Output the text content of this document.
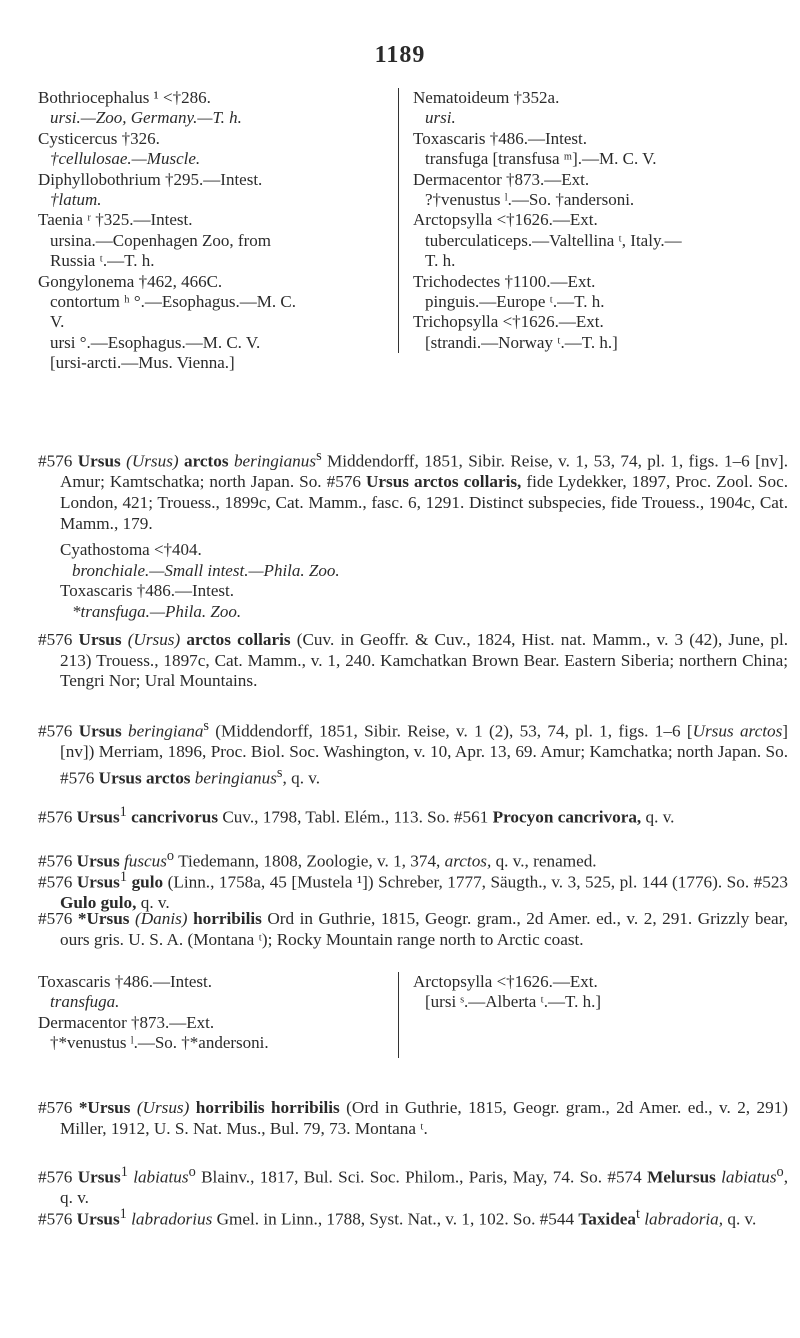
1189
Bothriocephalus ¹ <†286.
ursi.—Zoo, Germany.—T. h.
Cysticercus †326.
†cellulosae.—Muscle.
Diphyllobothrium †295.—Intest.
†latum.
Taenia ʳ †325.—Intest.
ursina.—Copenhagen Zoo, from
Russia ᵗ.—T. h.
Gongylonema †462, 466C.
contortum ʰ °.—Esophagus.—M. C.
V.
ursi °.—Esophagus.—M. C. V.
[ursi-arcti.—Mus. Vienna.]
Nematoideum †352a.
ursi.
Toxascaris †486.—Intest.
transfuga [transfusa ᵐ].—M. C. V.
Dermacentor †873.—Ext.
?†venustus ˡ.—So. †andersoni.
Arctopsylla <†1626.—Ext.
tuberculaticeps.—Valtellina ᵗ, Italy.—
T. h.
Trichodectes †1100.—Ext.
pinguis.—Europe ᵗ.—T. h.
Trichopsylla <†1626.—Ext.
[strandi.—Norway ᵗ.—T. h.]
#576 Ursus (Ursus) arctos beringianus$^s$ Middendorff, 1851, Sibir. Reise, v. 1, 53, 74, pl. 1, figs. 1–6 [nv]. Amur; Kamtschatka; north Japan. So. #576 Ursus arctos collaris, fide Lydekker, 1897, Proc. Zool. Soc. London, 421; Trouess., 1899c, Cat. Mamm., fasc. 6, 1291. Distinct subspecies, fide Trouess., 1904c, Cat. Mamm., 179.
Cyathostoma <†404.
bronchiale.—Small intest.—Phila. Zoo.
Toxascaris †486.—Intest.
*transfuga.—Phila. Zoo.
#576 Ursus (Ursus) arctos collaris (Cuv. in Geoffr. & Cuv., 1824, Hist. nat. Mamm., v. 3 (42), June, pl. 213) Trouess., 1897c, Cat. Mamm., v. 1, 240. Kamchatkan Brown Bear. Eastern Siberia; northern China; Tengri Nor; Ural Mountains.
#576 Ursus beringiana$^s$ (Middendorff, 1851, Sibir. Reise, v. 1 (2), 53, 74, pl. 1, figs. 1–6 [Ursus arctos] [nv]) Merriam, 1896, Proc. Biol. Soc. Washington, v. 10, Apr. 13, 69. Amur; Kamchatka; north Japan. So. #576 Ursus arctos beringianus$^s$, q. v.
#576 Ursus$^1$ cancrivorus Cuv., 1798, Tabl. Elém., 113. So. #561 Procyon cancrivora, q. v.
#576 Ursus fuscus$^o$ Tiedemann, 1808, Zoologie, v. 1, 374, arctos, q. v., renamed.
#576 Ursus$^1$ gulo (Linn., 1758a, 45 [Mustela ¹]) Schreber, 1777, Säugth., v. 3, 525, pl. 144 (1776). So. #523 Gulo gulo, q. v.
#576 *Ursus (Danis) horribilis Ord in Guthrie, 1815, Geogr. gram., 2d Amer. ed., v. 2, 291. Grizzly bear, ours gris. U. S. A. (Montana ᵗ); Rocky Mountain range north to Arctic coast.
Toxascaris †486.—Intest.
transfuga.
Dermacentor †873.—Ext.
†*venustus ˡ.—So. †*andersoni.
Arctopsylla <†1626.—Ext.
[ursi ˢ.—Alberta ᵗ.—T. h.]
#576 *Ursus (Ursus) horribilis horribilis (Ord in Guthrie, 1815, Geogr. gram., 2d Amer. ed., v. 2, 291) Miller, 1912, U. S. Nat. Mus., Bul. 79, 73. Montana ᵗ.
#576 Ursus$^1$ labiatus$^o$ Blainv., 1817, Bul. Sci. Soc. Philom., Paris, May, 74. So. #574 Melursus labiatus$^o$, q. v.
#576 Ursus$^1$ labradorius Gmel. in Linn., 1788, Syst. Nat., v. 1, 102. So. #544 Taxidea$^t$ labradoria, q. v.
